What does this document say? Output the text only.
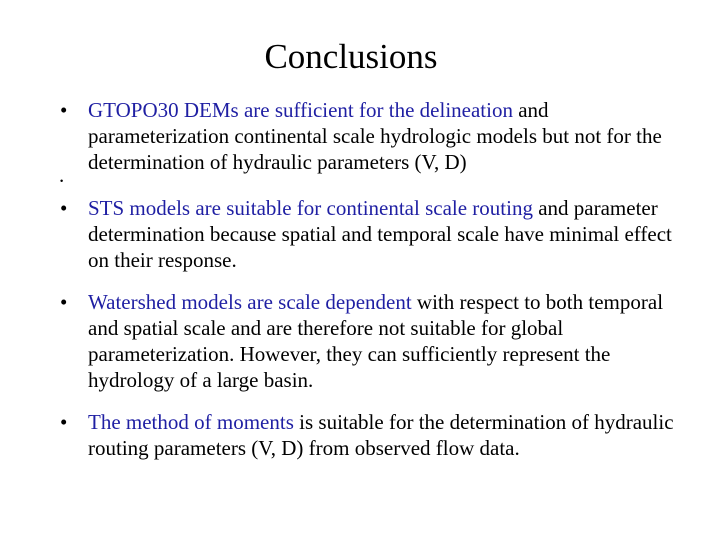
Conclusions
.
• GTOPO30 DEMs are sufficient for the delineation and parameterization continental scale hydrologic models but not for the determination of hydraulic parameters (V, D)
• STS models are suitable for continental scale routing and parameter determination because spatial and temporal scale have minimal effect on their response.
• Watershed models are scale dependent with respect to both temporal and spatial scale and are therefore not suitable for global parameterization. However, they can sufficiently represent the hydrology of a large basin.
• The method of moments is suitable for the determination of hydraulic routing parameters (V, D) from observed flow data.
